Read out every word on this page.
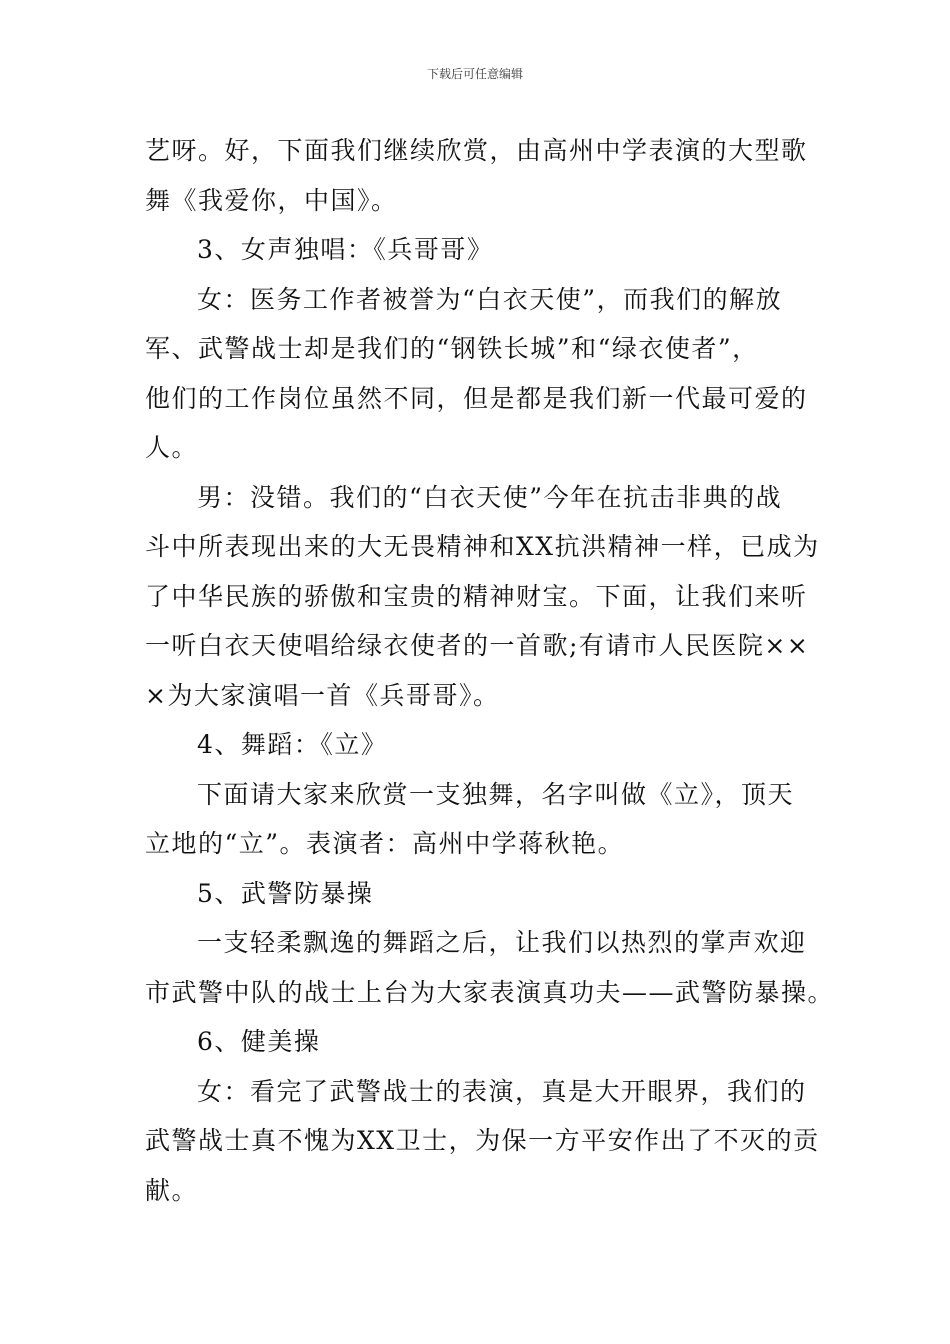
下载后可任意编辑

艺呀。好，下面我们继续欣赏，由高州中学表演的大型歌
舞《我爱你，中国》。

3、女声独唱：《兵哥哥》

女：医务工作者被誉为“白衣天使”，而我们的解放
军、武警战士却是我们的“钢铁长城”和“绿衣使者”，
他们的工作岗位虽然不同，但是都是我们新一代最可爱的
人。

男：没错。我们的“白衣天使”今年在抗击非典的战
斗中所表现出来的大无畏精神和XX抗洪精神一样，已成为
了中华民族的骄傲和宝贵的精神财宝。下面，让我们来听
一听白衣天使唱给绿衣使者的一首歌;有请市人民医院××
×为大家演唱一首《兵哥哥》。

4、舞蹈：《立》

下面请大家来欣赏一支独舞，名字叫做《立》，顶天
立地的“立”。表演者：高州中学蒋秋艳。

5、武警防暴操

一支轻柔飘逸的舞蹈之后，让我们以热烈的掌声欢迎
市武警中队的战士上台为大家表演真功夫——武警防暴操。

6、健美操

女：看完了武警战士的表演，真是大开眼界，我们的
武警战士真不愧为XX卫士，为保一方平安作出了不灭的贡
献。
